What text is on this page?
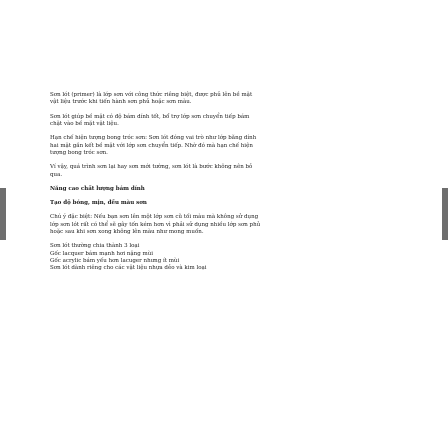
Sơn lót (primer) là lớp sơn với công thức riêng biệt, được phủ lên bề mặt
vật liệu trước khi tiến hành sơn phủ hoặc sơn màu.

Sơn lót giúp bề mặt có độ bám dính tốt, bổ trợ lớp sơn chuyển tiếp bám
chặt vào bề mặt vật liệu.

Hạn chế hiện tượng bong tróc sơn: Sơn lót đóng vai trò như lớp băng dính
hai mặt gắn kết bề mặt với lớp sơn chuyển tiếp. Nhờ đó mà hạn chế hiện
tượng bong tróc sơn.

Ví vậy, quá trình sơn lại hay sơn mới tường, sơn lót là bước không nên bỏ
qua.

Năng cao chất lượng bám dính

Tạo độ bóng, mịn, đều màu sơn

Chú ý đặc biệt: Nếu bạn sơn lên một lớp sơn cũ tối màu mà không sử dụng
lớp sơn lót rất có thể sẽ gây tốn kém hơn vì phải sử dụng nhiều lớp sơn phủ
hoặc sau khi sơn xong không lên màu như mong muốn.

Sơn lót thường chia thành 3 loại
Gốc lacquer bám mạnh hơi nặng mùi
Gốc acrylic bám yếu hơn lacuger nhưng ít mùi
Sơn lót dành riêng cho các vật liệu nhựa dẻo và kim loại
